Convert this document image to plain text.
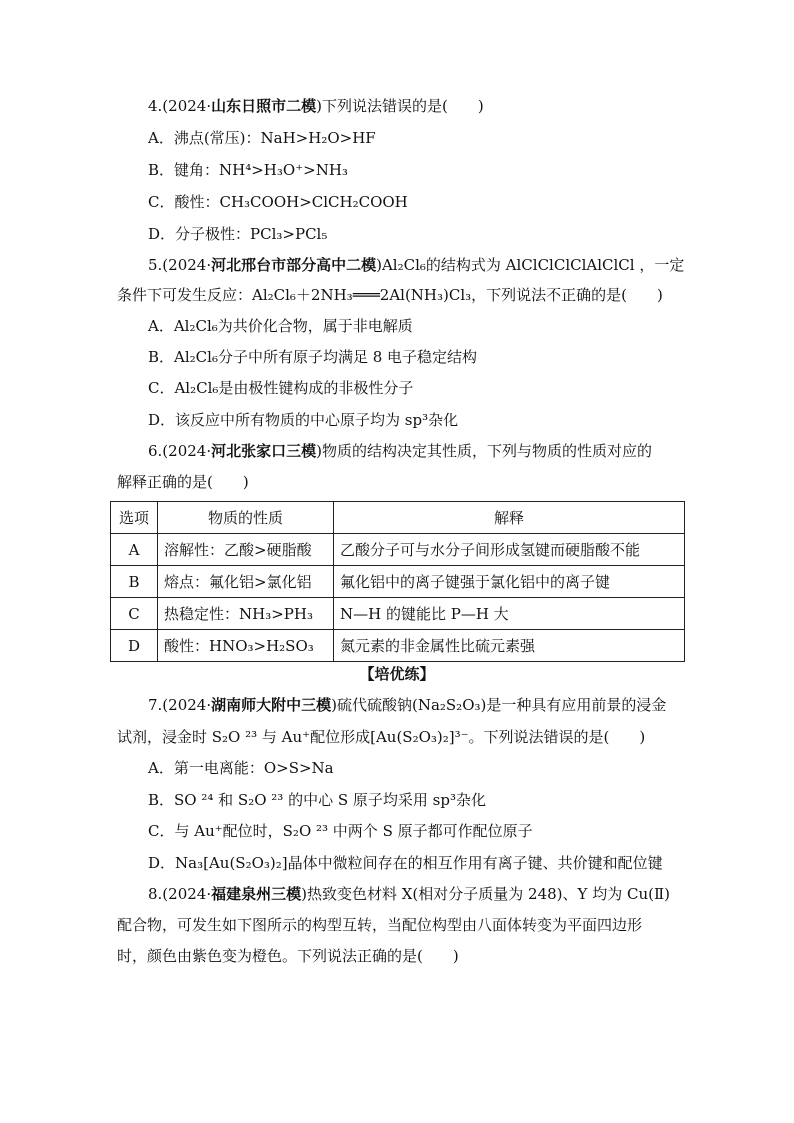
4.(2024·山东日照市二模)下列说法错误的是(　　)
A．沸点(常压)：NaH>H₂O>HF
B．键角：NH⁴>H₃O⁺>NH₃
C．酸性：CH₃COOH>ClCH₂COOH
D．分子极性：PCl₃>PCl₅
5.(2024·河北邢台市部分高中二模)Al₂Cl₆的结构式为 AlClClClClAlClCl ，一定
条件下可发生反应：Al₂Cl₆＋2NH₃═══2Al(NH₃)Cl₃，下列说法不正确的是(　　)
A．Al₂Cl₆为共价化合物，属于非电解质
B．Al₂Cl₆分子中所有原子均满足 8 电子稳定结构
C．Al₂Cl₆是由极性键构成的非极性分子
D．该反应中所有物质的中心原子均为 sp³杂化
6.(2024·河北张家口三模)物质的结构决定其性质，下列与物质的性质对应的
解释正确的是(　　)
选项	物质的性质	解释
A	溶解性：乙酸>硬脂酸	乙酸分子可与水分子间形成氢键而硬脂酸不能
B	熔点：氟化铝>氯化铝	氟化铝中的离子键强于氯化铝中的离子键
C	热稳定性：NH₃>PH₃	N—H 的键能比 P—H 大
D	酸性：HNO₃>H₂SO₃	氮元素的非金属性比硫元素强
【培优练】
7.(2024·湖南师大附中三模)硫代硫酸钠(Na₂S₂O₃)是一种具有应用前景的浸金
试剂，浸金时 S₂O ²³ 与 Au⁺配位形成[Au(S₂O₃)₂]³⁻。下列说法错误的是(　　)
A．第一电离能：O>S>Na
B．SO ²⁴ 和 S₂O ²³ 的中心 S 原子均采用 sp³杂化
C．与 Au⁺配位时，S₂O ²³ 中两个 S 原子都可作配位原子
D．Na₃[Au(S₂O₃)₂]晶体中微粒间存在的相互作用有离子键、共价键和配位键
8.(2024·福建泉州三模)热致变色材料 X(相对分子质量为 248)、Y 均为 Cu(Ⅱ)
配合物，可发生如下图所示的构型互转，当配位构型由八面体转变为平面四边形
时，颜色由紫色变为橙色。下列说法正确的是(　　)
